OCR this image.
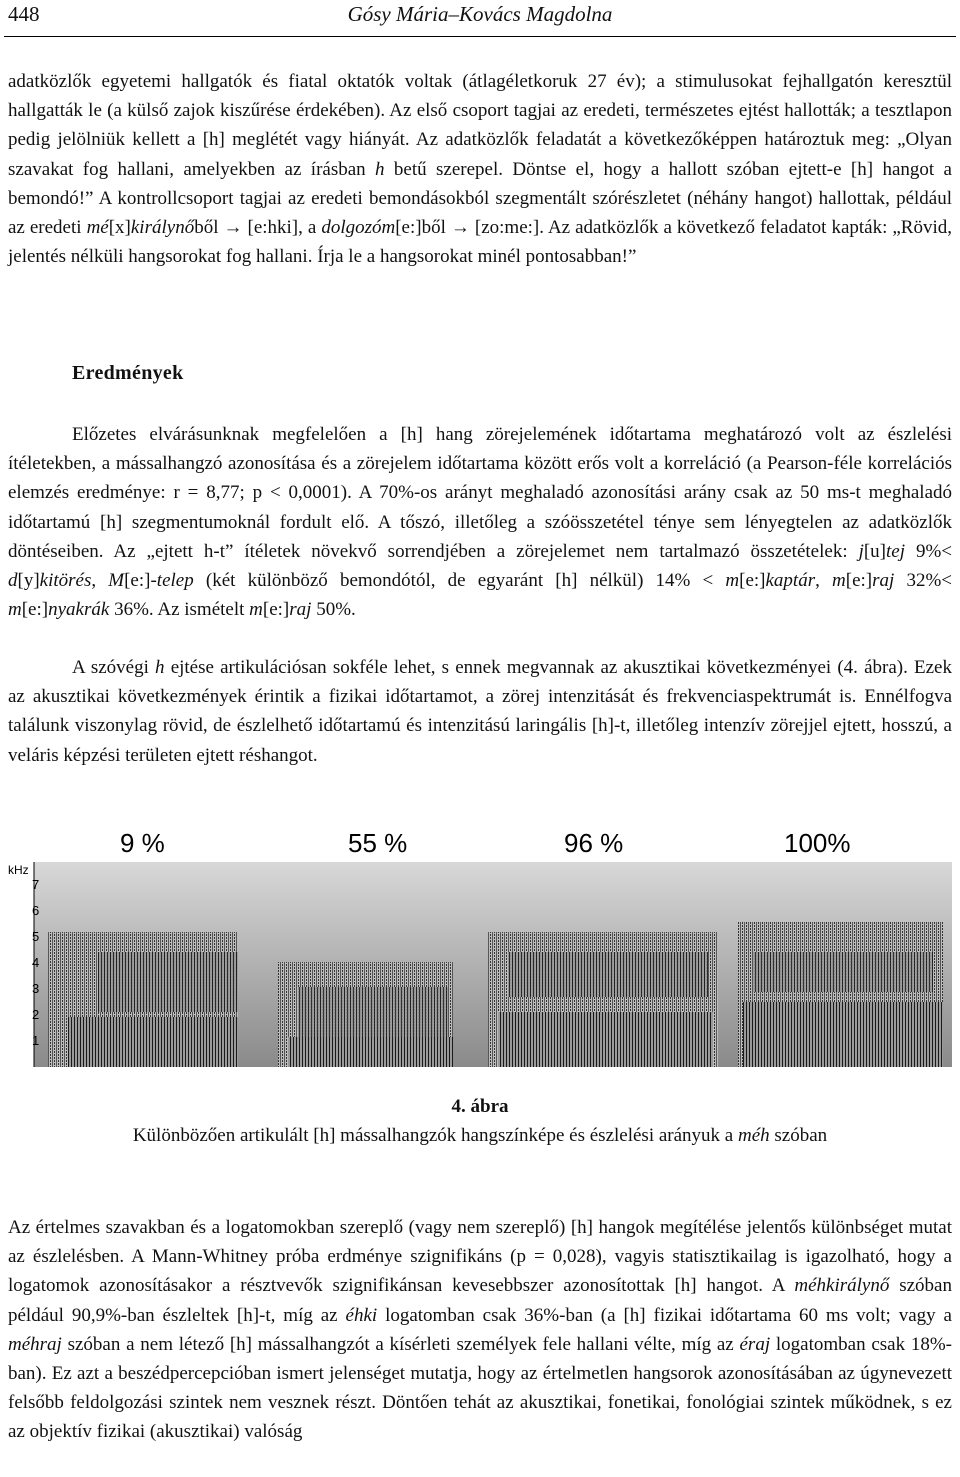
448	Gósy Mária–Kovács Magdolna

adatközlők egyetemi hallgatók és fiatal oktatók voltak (átlagéletkoruk 27 év); a stimulusokat fejhallgatón keresztül hallgatták le (a külső zajok kiszűrése érdekében). Az első csoport tagjai az eredeti, természetes ejtést hallották; a tesztlapon pedig jelölniük kellett a [h] meglétét vagy hiányát. Az adatközlők feladatát a következőképpen határoztuk meg: „Olyan szavakat fog hallani, amelyekben az írásban h betű szerepel. Döntse el, hogy a hallott szóban ejtett-e [h] hangot a bemondó!” A kontrollcsoport tagjai az eredeti bemondásokból szegmentált szórészletet (néhány hangot) hallottak, például az eredeti mé[x]királynőből → [e:hki], a dolgozóm[e:]ből → [zo:me:]. Az adatközlők a következő feladatot kapták: „Rövid, jelentés nélküli hangsorokat fog hallani. Írja le a hangsorokat minél pontosabban!”

Eredmények

Előzetes elvárásunknak megfelelően a [h] hang zörejelemének időtartama meghatározó volt az észlelési ítéletekben, a mássalhangzó azonosítása és a zörejelem időtartama között erős volt a korreláció (a Pearson-féle korrelációs elemzés eredménye: r = 8,77; p < 0,0001). A 70%-os arányt meghaladó azonosítási arány csak az 50 ms-t meghaladó időtartamú [h] szegmentumoknál fordult elő. A tőszó, illetőleg a szóösszetétel ténye sem lényegtelen az adatközlők döntéseiben. Az „ejtett h-t” ítéletek növekvő sorrendjében a zörejelemet nem tartalmazó összetételek: j[u]tej 9%< d[y]kitörés, M[e:]-telep (két különböző bemondótól, de egyaránt [h] nélkül) 14% < m[e:]kaptár, m[e:]raj 32%< m[e:]nyakrák 36%. Az ismételt m[e:]raj 50%.

A szóvégi h ejtése artikulációsan sokféle lehet, s ennek megvannak az akusztikai következményei (4. ábra). Ezek az akusztikai következmények érintik a fizikai időtartamot, a zörej intenzitását és frekvenciaspektrumát is. Ennélfogva találunk viszonylag rövid, de észlelhető időtartamú és intenzitású laringális [h]-t, illetőleg intenzív zörejjel ejtett, hosszú, a veláris képzési területen ejtett réshangot.

9 %	55 %	96 %	100%
kHz
7
6
5
4
3
2
1
4. ábra
Különbözően artikulált [h] mássalhangzók hangszínképe és észlelési arányuk a méh szóban

Az értelmes szavakban és a logatomokban szereplő (vagy nem szereplő) [h] hangok megítélése jelentős különbséget mutat az észlelésben. A Mann-Whitney próba erdménye szignifikáns (p = 0,028), vagyis statisztikailag is igazolható, hogy a logatomok azonosításakor a résztvevők szignifikánsan kevesebbszer azonosítottak [h] hangot. A méhkirálynő szóban például 90,9%-ban észleltek [h]-t, míg az éhki logatomban csak 36%-ban (a [h] fizikai időtartama 60 ms volt; vagy a méhraj szóban a nem létező [h] mássalhangzót a kísérleti személyek fele hallani vélte, míg az éraj logatomban csak 18%-ban). Ez azt a beszédpercepcióban ismert jelenséget mutatja, hogy az értelmetlen hangsorok azonosításában az úgynevezett felsőbb feldolgozási szintek nem vesznek részt. Döntően tehát az akusztikai, fonetikai, fonológiai szintek működnek, s ez az objektív fizikai (akusztikai) valóság
